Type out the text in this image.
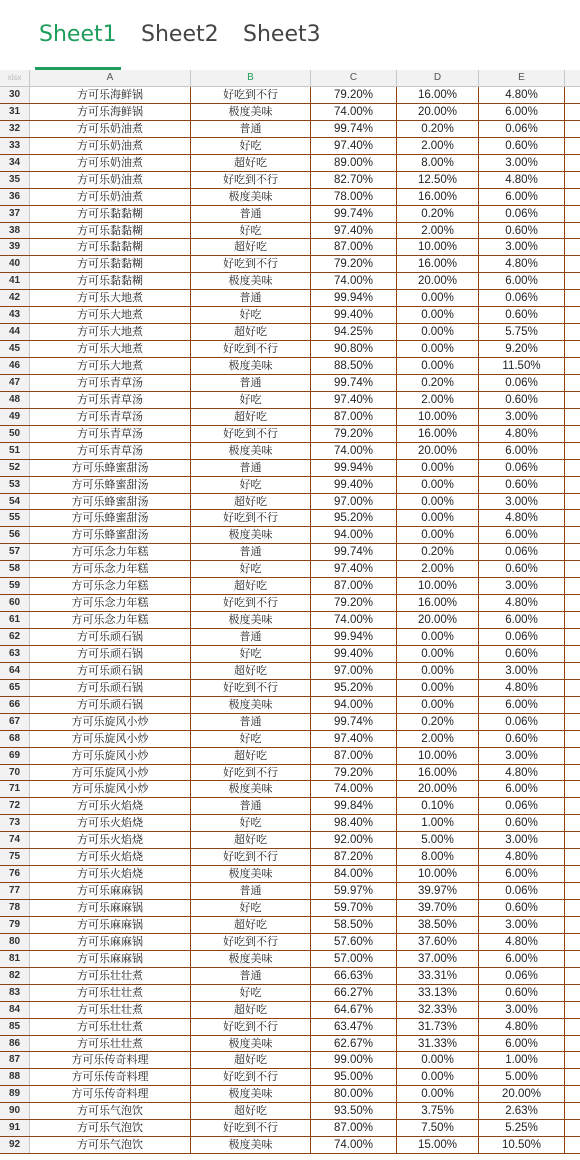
Sheet1 Sheet2 Sheet3
xlsx	A	B	C	D	E
30	方可乐海鲜锅	好吃到不行	79.20%	16.00%	4.80%
31	方可乐海鲜锅	极度美味	74.00%	20.00%	6.00%
32	方可乐奶油煮	普通	99.74%	0.20%	0.06%
33	方可乐奶油煮	好吃	97.40%	2.00%	0.60%
34	方可乐奶油煮	超好吃	89.00%	8.00%	3.00%
35	方可乐奶油煮	好吃到不行	82.70%	12.50%	4.80%
36	方可乐奶油煮	极度美味	78.00%	16.00%	6.00%
37	方可乐黏黏糊	普通	99.74%	0.20%	0.06%
38	方可乐黏黏糊	好吃	97.40%	2.00%	0.60%
39	方可乐黏黏糊	超好吃	87.00%	10.00%	3.00%
40	方可乐黏黏糊	好吃到不行	79.20%	16.00%	4.80%
41	方可乐黏黏糊	极度美味	74.00%	20.00%	6.00%
42	方可乐大地煮	普通	99.94%	0.00%	0.06%
43	方可乐大地煮	好吃	99.40%	0.00%	0.60%
44	方可乐大地煮	超好吃	94.25%	0.00%	5.75%
45	方可乐大地煮	好吃到不行	90.80%	0.00%	9.20%
46	方可乐大地煮	极度美味	88.50%	0.00%	11.50%
47	方可乐青草汤	普通	99.74%	0.20%	0.06%
48	方可乐青草汤	好吃	97.40%	2.00%	0.60%
49	方可乐青草汤	超好吃	87.00%	10.00%	3.00%
50	方可乐青草汤	好吃到不行	79.20%	16.00%	4.80%
51	方可乐青草汤	极度美味	74.00%	20.00%	6.00%
52	方可乐蜂蜜甜汤	普通	99.94%	0.00%	0.06%
53	方可乐蜂蜜甜汤	好吃	99.40%	0.00%	0.60%
54	方可乐蜂蜜甜汤	超好吃	97.00%	0.00%	3.00%
55	方可乐蜂蜜甜汤	好吃到不行	95.20%	0.00%	4.80%
56	方可乐蜂蜜甜汤	极度美味	94.00%	0.00%	6.00%
57	方可乐念力年糕	普通	99.74%	0.20%	0.06%
58	方可乐念力年糕	好吃	97.40%	2.00%	0.60%
59	方可乐念力年糕	超好吃	87.00%	10.00%	3.00%
60	方可乐念力年糕	好吃到不行	79.20%	16.00%	4.80%
61	方可乐念力年糕	极度美味	74.00%	20.00%	6.00%
62	方可乐顽石锅	普通	99.94%	0.00%	0.06%
63	方可乐顽石锅	好吃	99.40%	0.00%	0.60%
64	方可乐顽石锅	超好吃	97.00%	0.00%	3.00%
65	方可乐顽石锅	好吃到不行	95.20%	0.00%	4.80%
66	方可乐顽石锅	极度美味	94.00%	0.00%	6.00%
67	方可乐旋风小炒	普通	99.74%	0.20%	0.06%
68	方可乐旋风小炒	好吃	97.40%	2.00%	0.60%
69	方可乐旋风小炒	超好吃	87.00%	10.00%	3.00%
70	方可乐旋风小炒	好吃到不行	79.20%	16.00%	4.80%
71	方可乐旋风小炒	极度美味	74.00%	20.00%	6.00%
72	方可乐火焰烧	普通	99.84%	0.10%	0.06%
73	方可乐火焰烧	好吃	98.40%	1.00%	0.60%
74	方可乐火焰烧	超好吃	92.00%	5.00%	3.00%
75	方可乐火焰烧	好吃到不行	87.20%	8.00%	4.80%
76	方可乐火焰烧	极度美味	84.00%	10.00%	6.00%
77	方可乐麻麻锅	普通	59.97%	39.97%	0.06%
78	方可乐麻麻锅	好吃	59.70%	39.70%	0.60%
79	方可乐麻麻锅	超好吃	58.50%	38.50%	3.00%
80	方可乐麻麻锅	好吃到不行	57.60%	37.60%	4.80%
81	方可乐麻麻锅	极度美味	57.00%	37.00%	6.00%
82	方可乐壮壮煮	普通	66.63%	33.31%	0.06%
83	方可乐壮壮煮	好吃	66.27%	33.13%	0.60%
84	方可乐壮壮煮	超好吃	64.67%	32.33%	3.00%
85	方可乐壮壮煮	好吃到不行	63.47%	31.73%	4.80%
86	方可乐壮壮煮	极度美味	62.67%	31.33%	6.00%
87	方可乐传奇料理	超好吃	99.00%	0.00%	1.00%
88	方可乐传奇料理	好吃到不行	95.00%	0.00%	5.00%
89	方可乐传奇料理	极度美味	80.00%	0.00%	20.00%
90	方可乐气泡饮	超好吃	93.50%	3.75%	2.63%
91	方可乐气泡饮	好吃到不行	87.00%	7.50%	5.25%
92	方可乐气泡饮	极度美味	74.00%	15.00%	10.50%
